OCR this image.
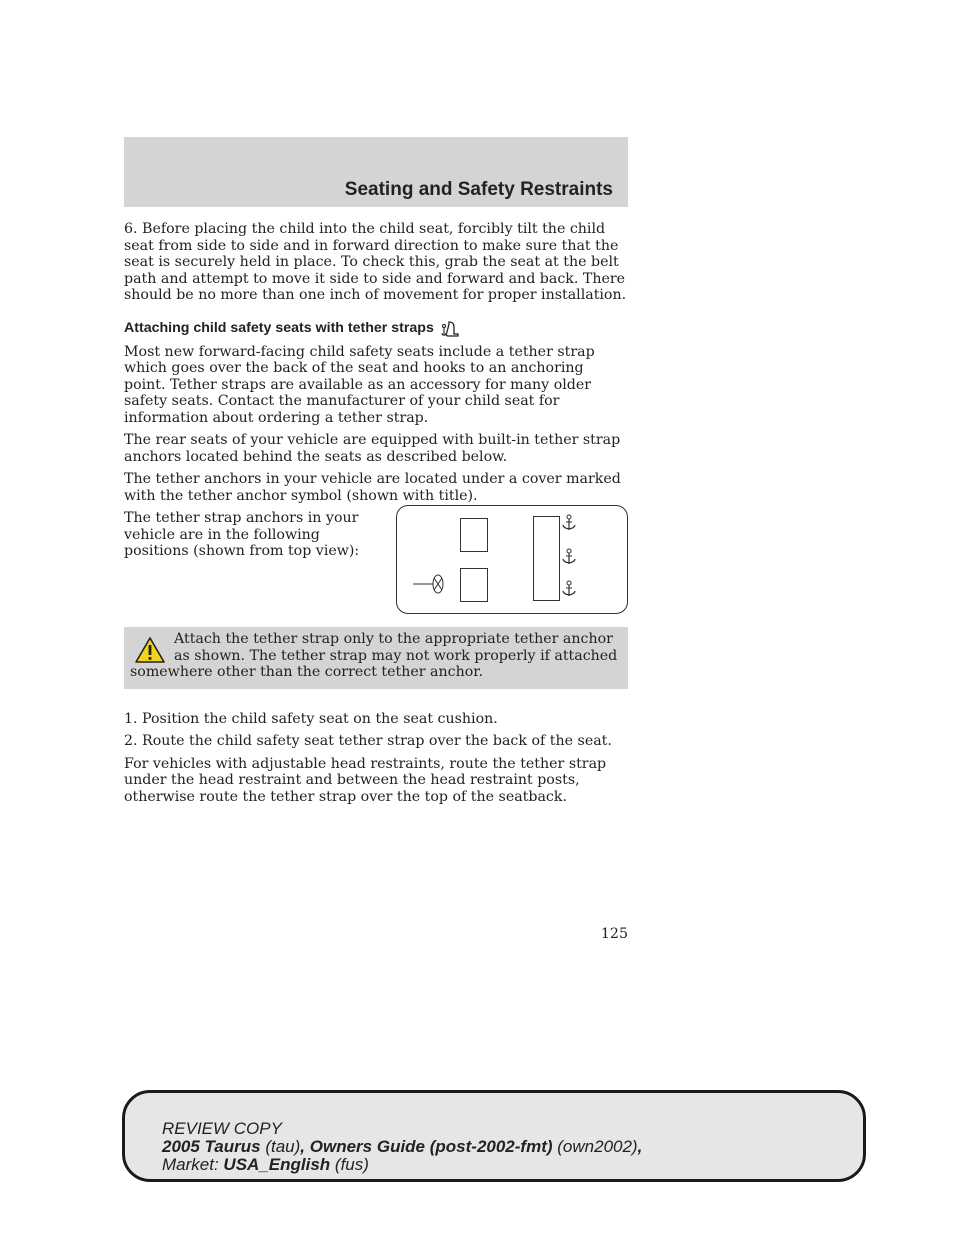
Seating and Safety Restraints

6. Before placing the child into the child seat, forcibly tilt the child seat from side to side and in forward direction to make sure that the seat is securely held in place. To check this, grab the seat at the belt path and attempt to move it side to side and forward and back. There should be no more than one inch of movement for proper installation.

Attaching child safety seats with tether straps

Most new forward-facing child safety seats include a tether strap which goes over the back of the seat and hooks to an anchoring point. Tether straps are available as an accessory for many older safety seats. Contact the manufacturer of your child seat for information about ordering a tether strap.

The rear seats of your vehicle are equipped with built-in tether strap anchors located behind the seats as described below.

The tether anchors in your vehicle are located under a cover marked with the tether anchor symbol (shown with title).

The tether strap anchors in your vehicle are in the following positions (shown from top view):

Attach the tether strap only to the appropriate tether anchor as shown. The tether strap may not work properly if attached somewhere other than the correct tether anchor.

1. Position the child safety seat on the seat cushion.

2. Route the child safety seat tether strap over the back of the seat.

For vehicles with adjustable head restraints, route the tether strap under the head restraint and between the head restraint posts, otherwise route the tether strap over the top of the seatback.

125
REVIEW COPY
2005 Taurus (tau), Owners Guide (post-2002-fmt) (own2002),
Market: USA_English (fus)
